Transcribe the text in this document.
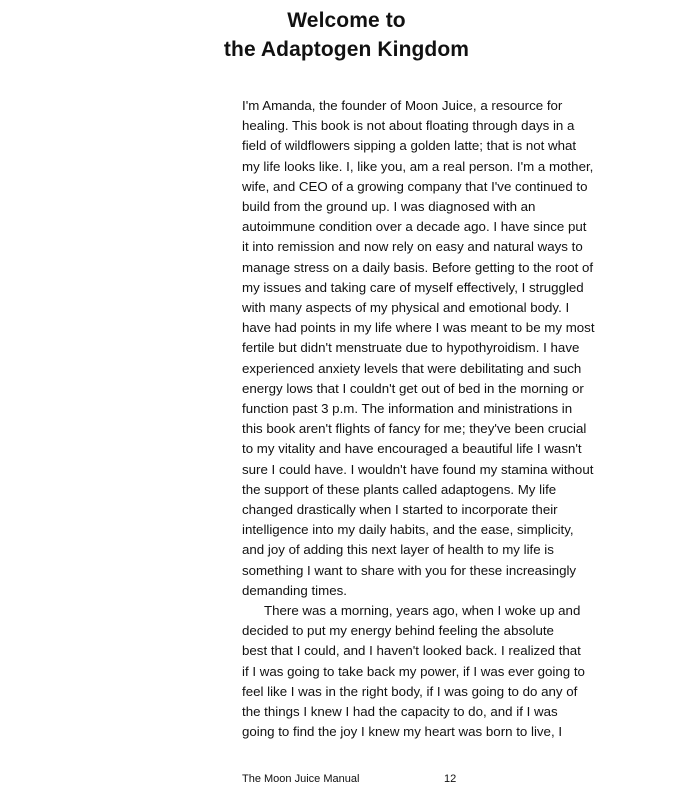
Welcome to
the Adaptogen Kingdom

I'm Amanda, the founder of Moon Juice, a resource for
healing. This book is not about floating through days in a
field of wildflowers sipping a golden latte; that is not what
my life looks like. I, like you, am a real person. I'm a mother,
wife, and CEO of a growing company that I've continued to
build from the ground up. I was diagnosed with an
autoimmune condition over a decade ago. I have since put
it into remission and now rely on easy and natural ways to
manage stress on a daily basis. Before getting to the root of
my issues and taking care of myself effectively, I struggled
with many aspects of my physical and emotional body. I
have had points in my life where I was meant to be my most
fertile but didn't menstruate due to hypothyroidism. I have
experienced anxiety levels that were debilitating and such
energy lows that I couldn't get out of bed in the morning or
function past 3 p.m. The information and ministrations in
this book aren't flights of fancy for me; they've been crucial
to my vitality and have encouraged a beautiful life I wasn't
sure I could have. I wouldn't have found my stamina without
the support of these plants called adaptogens. My life
changed drastically when I started to incorporate their
intelligence into my daily habits, and the ease, simplicity,
and joy of adding this next layer of health to my life is
something I want to share with you for these increasingly
demanding times.

There was a morning, years ago, when I woke up and
decided to put my energy behind feeling the absolute
best that I could, and I haven't looked back. I realized that
if I was going to take back my power, if I was ever going to
feel like I was in the right body, if I was going to do any of
the things I knew I had the capacity to do, and if I was
going to find the joy I knew my heart was born to live, I

The Moon Juice Manual	12
